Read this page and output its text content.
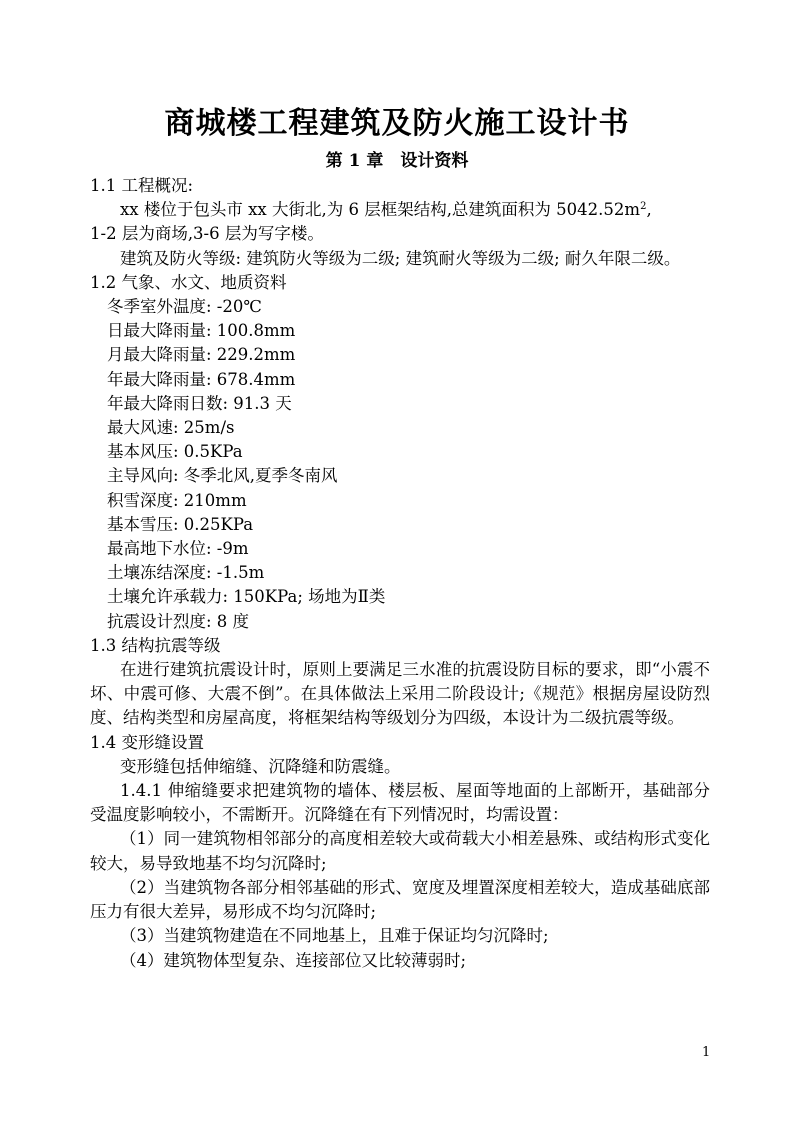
商城楼工程建筑及防火施工设计书
第 1 章　设计资料

1.1 工程概况:

xx 楼位于包头市 xx 大街北,为 6 层框架结构,总建筑面积为 $5042.52m^2$,

1-2 层为商场,3-6 层为写字楼。

建筑及防火等级: 建筑防火等级为二级; 建筑耐火等级为二级; 耐久年限二级。

1.2 气象、水文、地质资料

冬季室外温度: -20℃

日最大降雨量: 100.8mm

月最大降雨量: 229.2mm

年最大降雨量: 678.4mm

年最大降雨日数: 91.3 天

最大风速: 25m/s

基本风压: 0.5KPa

主导风向: 冬季北风,夏季冬南风

积雪深度: 210mm

基本雪压: 0.25KPa

最高地下水位: -9m

土壤冻结深度: -1.5m

土壤允许承载力: 150KPa; 场地为Ⅱ类

抗震设计烈度: 8 度

1.3 结构抗震等级

在进行建筑抗震设计时，原则上要满足三水准的抗震设防目标的要求，即“小震不坏、中震可修、大震不倒”。在具体做法上采用二阶段设计;《规范》根据房屋设防烈度、结构类型和房屋高度，将框架结构等级划分为四级，本设计为二级抗震等级。

1.4 变形缝设置

变形缝包括伸缩缝、沉降缝和防震缝。

1.4.1 伸缩缝要求把建筑物的墙体、楼层板、屋面等地面的上部断开，基础部分受温度影响较小，不需断开。沉降缝在有下列情况时，均需设置：

（1）同一建筑物相邻部分的高度相差较大或荷载大小相差悬殊、或结构形式变化较大，易导致地基不均匀沉降时;

（2）当建筑物各部分相邻基础的形式、宽度及埋置深度相差较大，造成基础底部压力有很大差异，易形成不均匀沉降时;

（3）当建筑物建造在不同地基上，且难于保证均匀沉降时;

（4）建筑物体型复杂、连接部位又比较薄弱时;

1
